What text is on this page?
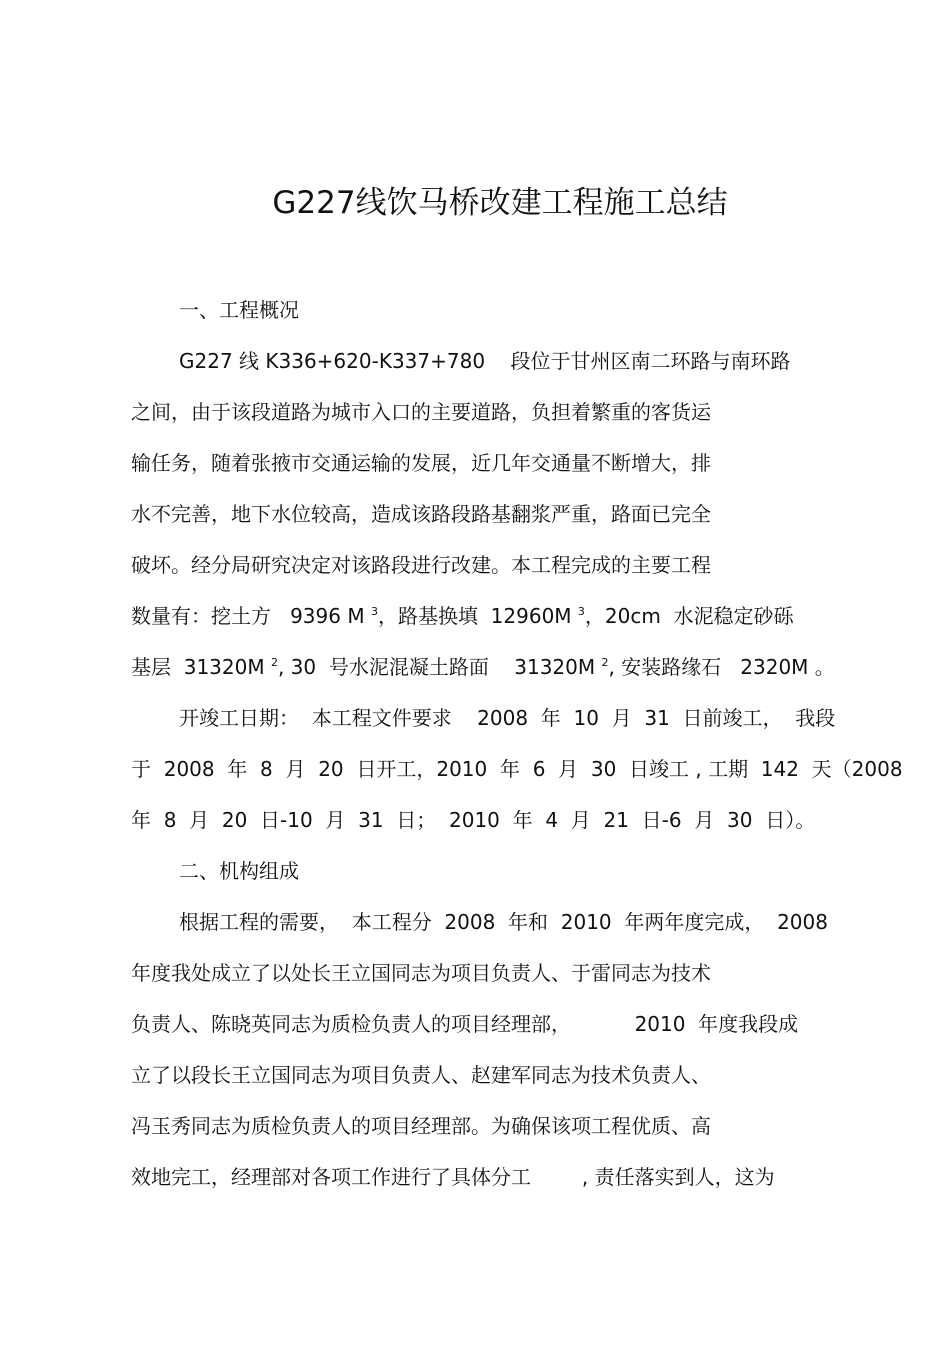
G227线饮马桥改建工程施工总结
一、工程概况
G227 线 K336+620-K337+780    段位于甘州区南二环路与南环路
之间，由于该段道路为城市入口的主要道路，负担着繁重的客货运
输任务，随着张掖市交通运输的发展，近几年交通量不断增大，排
水不完善，地下水位较高，造成该路段路基翻浆严重，路面已完全
破坏。经分局研究决定对该路段进行改建。本工程完成的主要工程
数量有：挖土方   9396 M $^3$，路基换填  12960M $^3$，20cm  水泥稳定砂砾
基层  31320M $^2$, 30  号水泥混凝土路面    31320M $^2$, 安装路缘石   2320M 。
开竣工日期：  本工程文件要求    2008  年  10  月  31  日前竣工，  我段
于  2008  年  8  月  20  日开工，2010  年  6  月  30  日竣工 , 工期  142  天（2008
年  8  月  20  日-10  月  31  日；  2010  年  4  月  21  日-6  月  30  日）。
二、机构组成
根据工程的需要，  本工程分  2008  年和  2010  年两年度完成，  2008
年度我处成立了以处长王立国同志为项目负责人、于雷同志为技术
负责人、陈晓英同志为质检负责人的项目经理部，          2010  年度我段成
立了以段长王立国同志为项目负责人、赵建军同志为技术负责人、
冯玉秀同志为质检负责人的项目经理部。为确保该项工程优质、高
效地完工，经理部对各项工作进行了具体分工        , 责任落实到人，这为
